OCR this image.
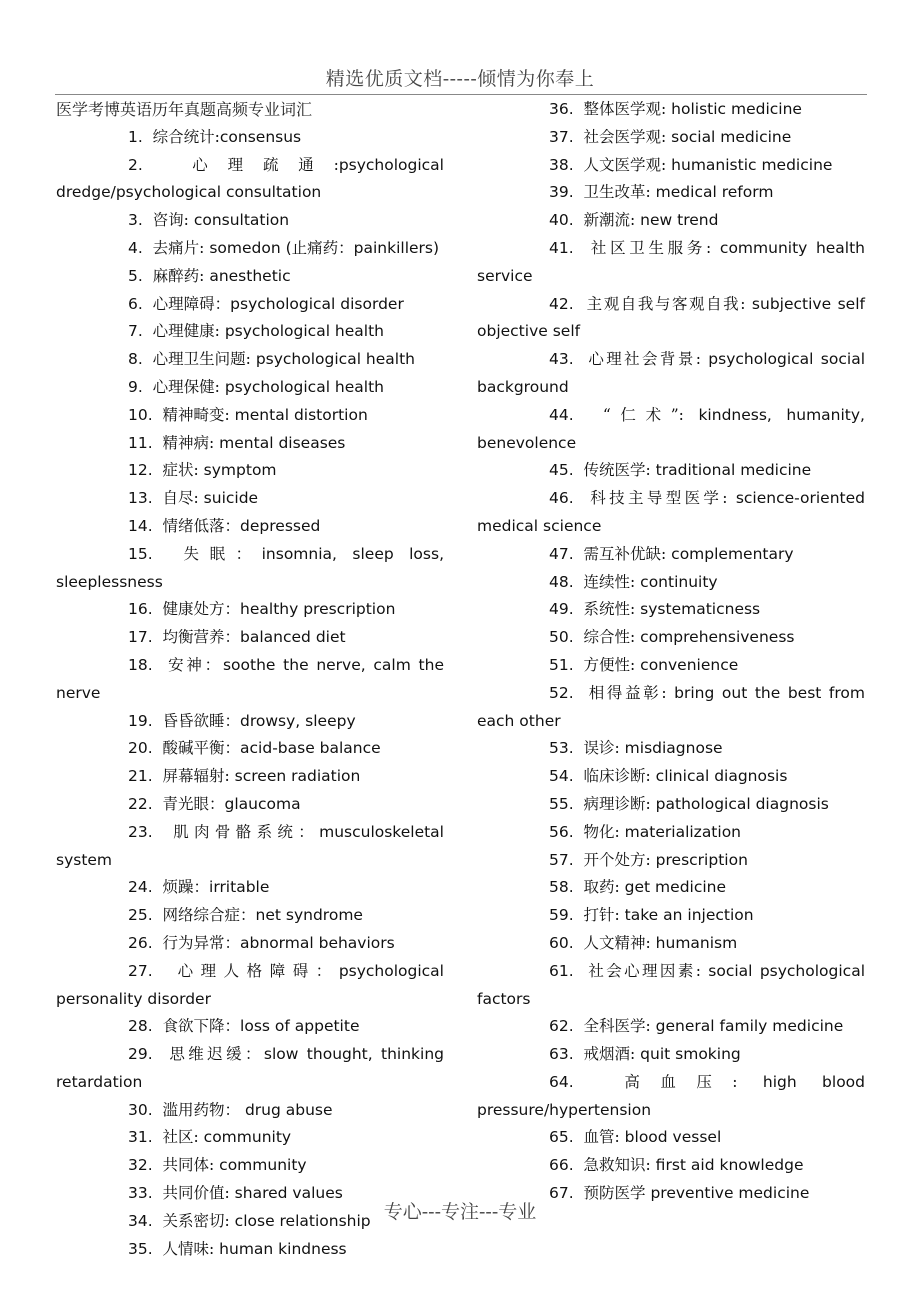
精选优质文档-----倾情为你奉上
医学考博英语历年真题高频专业词汇
1. 综合统计:consensus
2.	心理疏通:psychological dredge/psychological consultation
3. 咨询: consultation
4. 去痛片: somedon (止痛药：painkillers)
5. 麻醉药: anesthetic
6. 心理障碍：psychological disorder
7. 心理健康: psychological health
8. 心理卫生问题: psychological health
9. 心理保健: psychological health
10. 精神畸变: mental distortion
11. 精神病: mental diseases
12. 症状: symptom
13. 自尽: suicide
14. 情绪低落：depressed
15. 失眠：insomnia, sleep loss, sleeplessness
16. 健康处方：healthy prescription
17. 均衡营养：balanced diet
18. 安神：soothe the nerve, calm the nerve
19. 昏昏欲睡：drowsy, sleepy
20. 酸碱平衡：acid-base balance
21. 屏幕辐射: screen radiation
22. 青光眼：glaucoma
23. 肌肉骨骼系统：musculoskeletal system
24. 烦躁：irritable
25. 网络综合症：net syndrome
26. 行为异常：abnormal behaviors
27. 心理人格障碍：psychological personality disorder
28. 食欲下降：loss of appetite
29. 思维迟缓：slow thought, thinking retardation
30. 滥用药物： drug abuse
31. 社区: community
32. 共同体: community
33. 共同价值: shared values
34. 关系密切: close relationship
35. 人情味: human kindness
36. 整体医学观: holistic medicine
37. 社会医学观: social medicine
38. 人文医学观: humanistic medicine
39. 卫生改革: medical reform
40. 新潮流: new trend
41. 社区卫生服务: community health service
42. 主观自我与客观自我: subjective self objective self
43. 心理社会背景: psychological social background
44. “仁术”: kindness, humanity, benevolence
45. 传统医学: traditional medicine
46. 科技主导型医学: science-oriented medical science
47. 需互补优缺: complementary
48. 连续性: continuity
49. 系统性: systematicness
50. 综合性: comprehensiveness
51. 方便性: convenience
52. 相得益彰: bring out the best from each other
53. 误诊: misdiagnose
54. 临床诊断: clinical diagnosis
55. 病理诊断: pathological diagnosis
56. 物化: materialization
57. 开个处方: prescription
58. 取药: get medicine
59. 打针: take an injection
60. 人文精神: humanism
61. 社会心理因素: social psychological factors
62. 全科医学: general family medicine
63. 戒烟酒: quit smoking
64.	高血压: high blood pressure/hypertension
65. 血管: blood vessel
66. 急救知识: first aid knowledge
67. 预防医学 preventive medicine
专心---专注---专业
